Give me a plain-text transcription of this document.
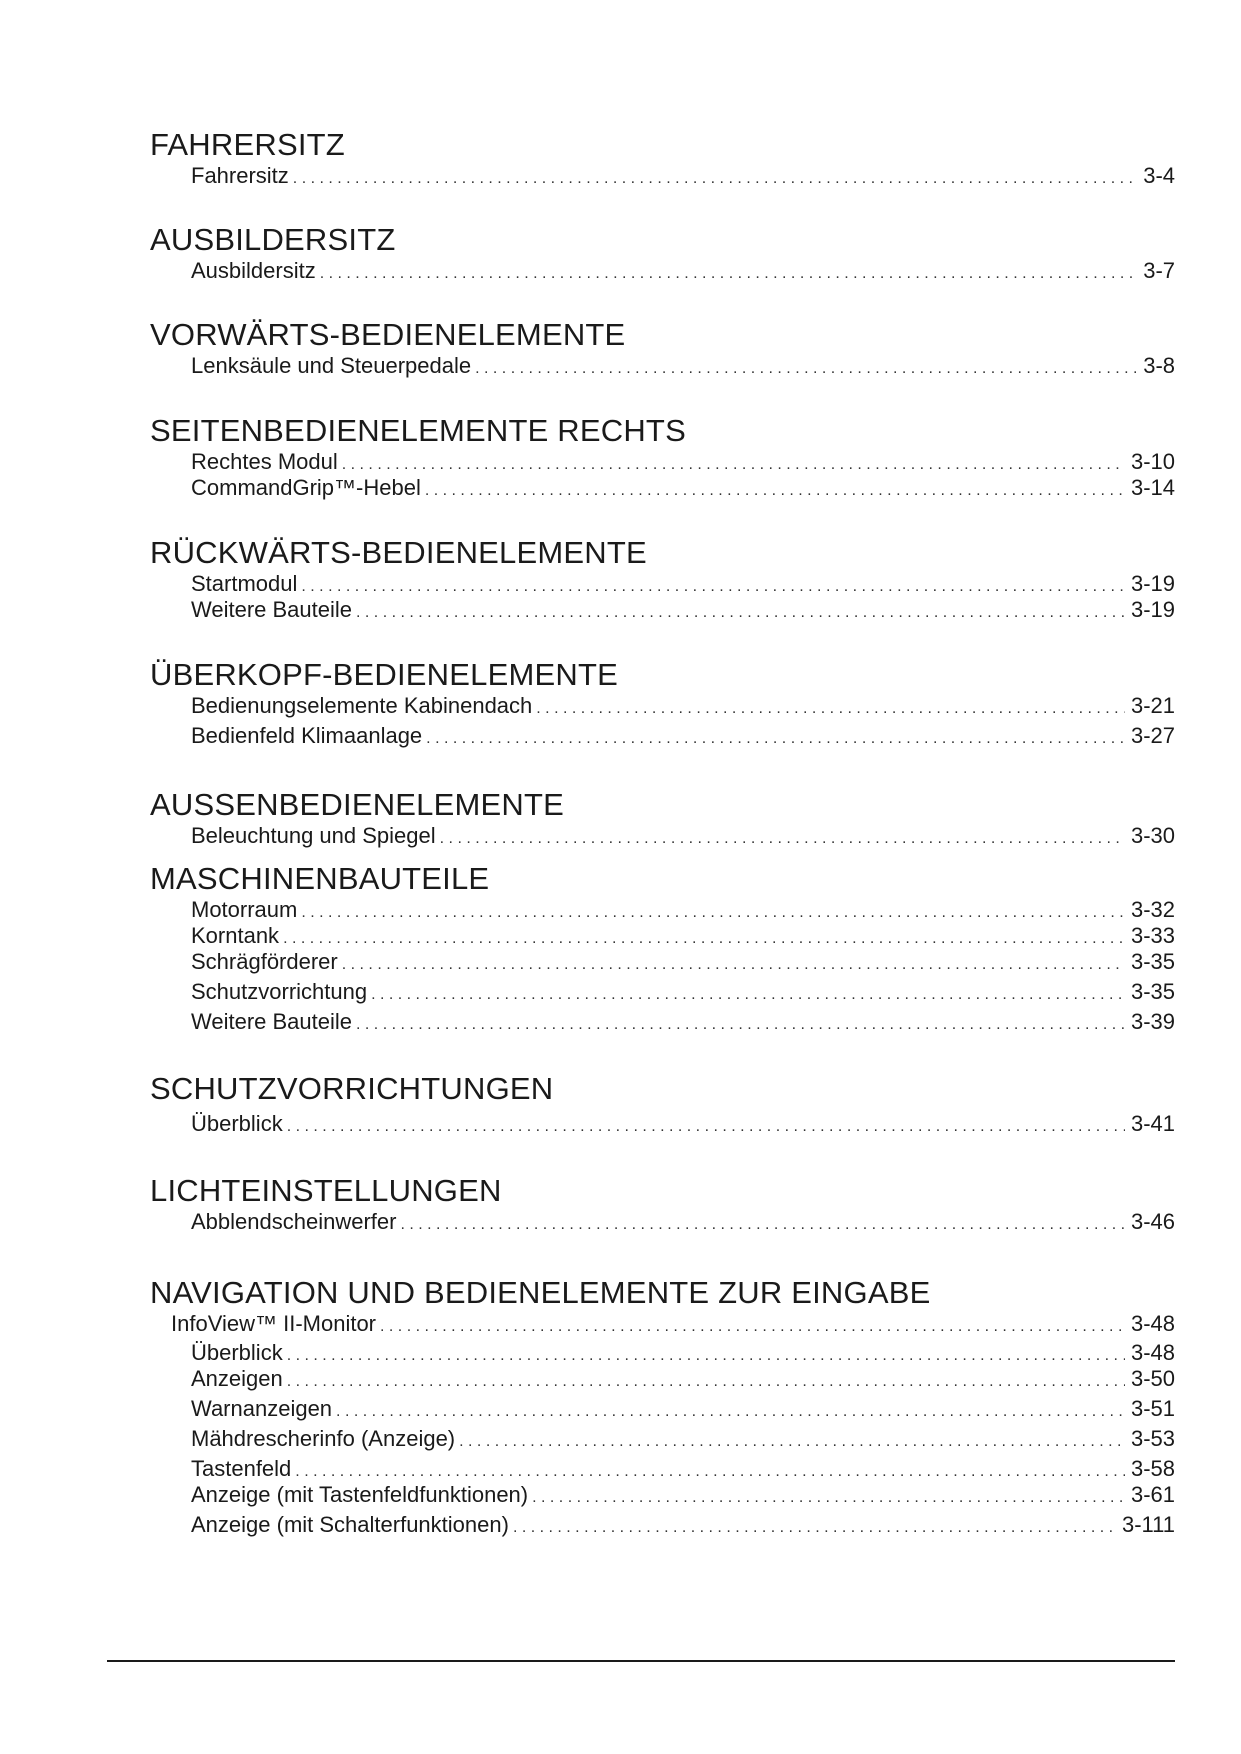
FAHRERSITZ
Fahrersitz . . .	3-4
AUSBILDERSITZ
Ausbildersitz . . .	3-7
VORWÄRTS-BEDIENELEMENTE
Lenksäule und Steuerpedale . . .	3-8
SEITENBEDIENELEMENTE RECHTS
Rechtes Modul . . .	3-10
CommandGrip™-Hebel . . .	3-14
RÜCKWÄRTS-BEDIENELEMENTE
Startmodul . . .	3-19
Weitere Bauteile . . .	3-19
ÜBERKOPF-BEDIENELEMENTE
Bedienungselemente Kabinendach . . .	3-21
Bedienfeld Klimaanlage . . .	3-27
AUSSENBEDIENELEMENTE
Beleuchtung und Spiegel . . .	3-30
MASCHINENBAUTEILE
Motorraum . . .	3-32
Korntank . . .	3-33
Schrägförderer . . .	3-35
Schutzvorrichtung . . .	3-35
Weitere Bauteile . . .	3-39
SCHUTZVORRICHTUNGEN
Überblick . . .	3-41
LICHTEINSTELLUNGEN
Abblendscheinwerfer . . .	3-46
NAVIGATION UND BEDIENELEMENTE ZUR EINGABE
InfoView™ II-Monitor . . .	3-48
Überblick . . .	3-48
Anzeigen . . .	3-50
Warnanzeigen . . .	3-51
Mähdrescherinfo (Anzeige) . . .	3-53
Tastenfeld . . .	3-58
Anzeige (mit Tastenfeldfunktionen) . . .	3-61
Anzeige (mit Schalterfunktionen) . . .	3-111
